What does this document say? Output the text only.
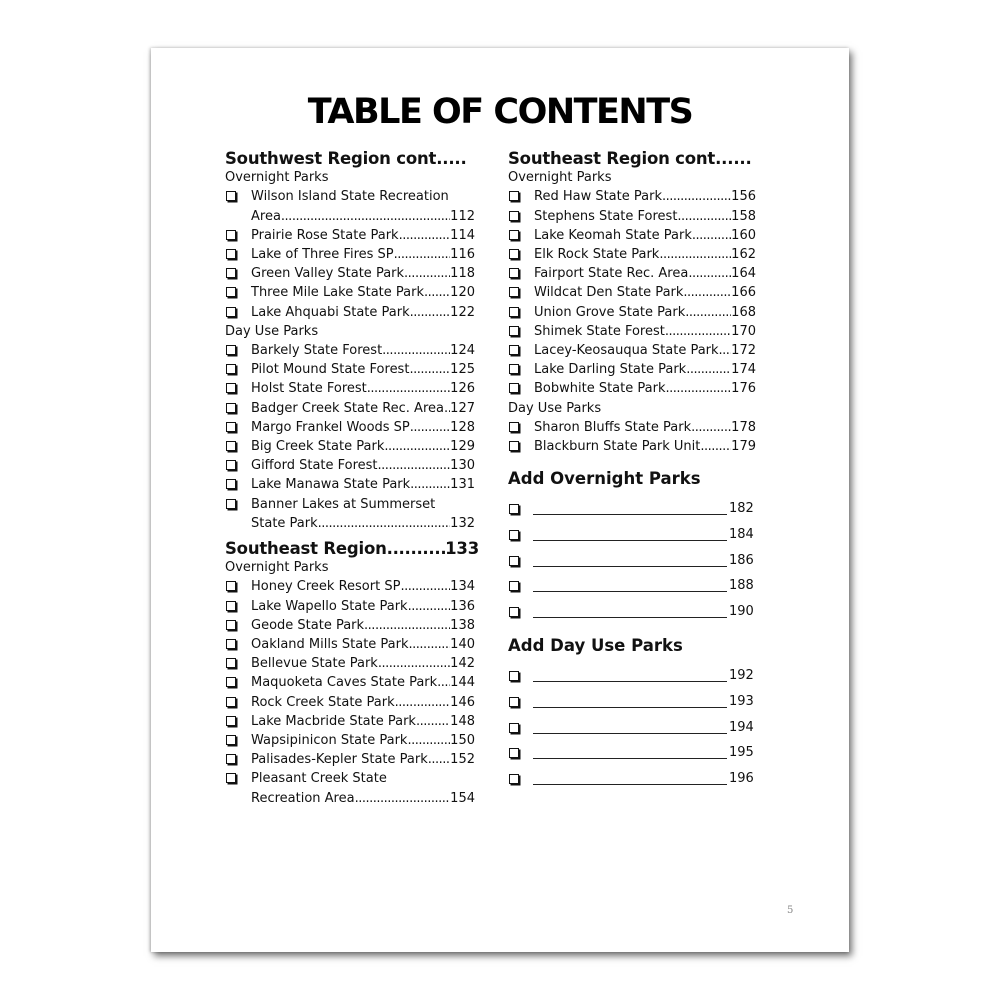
TABLE OF CONTENTS
Southwest Region cont.....
Overnight Parks
Wilson Island State Recreation
Area .....	112
Prairie Rose State Park .....	114
Lake of Three Fires SP .....	116
Green Valley State Park .....	118
Three Mile Lake State Park ..... 120
Lake Ahquabi State Park .....	122
Day Use Parks
Barkely State Forest .....	124
Pilot Mound State Forest .....	125
Holst State Forest .....	126
Badger Creek State Rec. Area ..... 127
Margo Frankel Woods SP .....	128
Big Creek State Park .....	129
Gifford State Forest .....	130
Lake Manawa State Park .....	131
Banner Lakes at Summerset
State Park .....	132
Southeast Region .....	133
Overnight Parks
Honey Creek Resort SP .....	134
Lake Wapello State Park .....	136
Geode State Park .....	138
Oakland Mills State Park .....	140
Bellevue State Park .....	142
Maquoketa Caves State Park ..... 144
Rock Creek State Park .....	146
Lake Macbride State Park .....	148
Wapsipinicon State Park .....	150
Palisades-Kepler State Park ..... 152
Pleasant Creek State
Recreation Area .....	154
Southeast Region cont......
Overnight Parks
Red Haw State Park .....	156
Stephens State Forest .....	158
Lake Keomah State Park .....	160
Elk Rock State Park .....	162
Fairport State Rec. Area .....	164
Wildcat Den State Park .....	166
Union Grove State Park .....	168
Shimek State Forest .....	170
Lacey-Keosauqua State Park ..... 172
Lake Darling State Park .....	174
Bobwhite State Park .....	176
Day Use Parks
Sharon Bluffs State Park .....	178
Blackburn State Park Unit ..... 179
Add Overnight Parks
182
184
186
188
190
Add Day Use Parks
192
193
194
195
196
5
